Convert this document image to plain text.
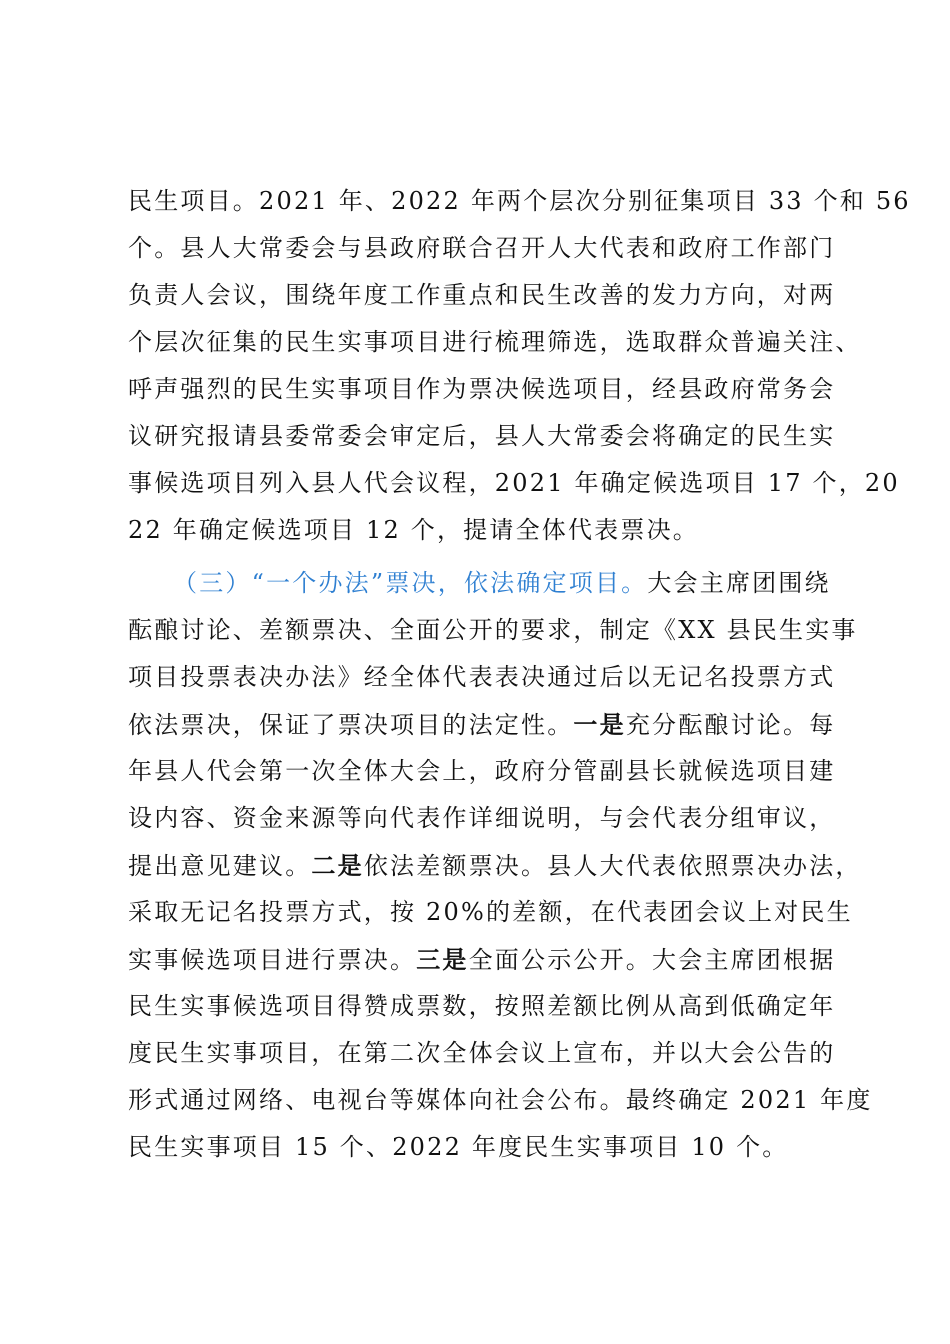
民生项目。2021 年、2022 年两个层次分别征集项目 33 个和 56
个。县人大常委会与县政府联合召开人大代表和政府工作部门
负责人会议，围绕年度工作重点和民生改善的发力方向，对两
个层次征集的民生实事项目进行梳理筛选，选取群众普遍关注、
呼声强烈的民生实事项目作为票决候选项目，经县政府常务会
议研究报请县委常委会审定后，县人大常委会将确定的民生实
事候选项目列入县人代会议程，2021 年确定候选项目 17 个，20
22 年确定候选项目 12 个，提请全体代表票决。
（三）“一个办法”票决，依法确定项目。大会主席团围绕
酝酿讨论、差额票决、全面公开的要求，制定《XX 县民生实事
项目投票表决办法》经全体代表表决通过后以无记名投票方式
依法票决，保证了票决项目的法定性。一是充分酝酿讨论。每
年县人代会第一次全体大会上，政府分管副县长就候选项目建
设内容、资金来源等向代表作详细说明，与会代表分组审议，
提出意见建议。二是依法差额票决。县人大代表依照票决办法，
采取无记名投票方式，按 20%的差额，在代表团会议上对民生
实事候选项目进行票决。三是全面公示公开。大会主席团根据
民生实事候选项目得赞成票数，按照差额比例从高到低确定年
度民生实事项目，在第二次全体会议上宣布，并以大会公告的
形式通过网络、电视台等媒体向社会公布。最终确定 2021 年度
民生实事项目 15 个、2022 年度民生实事项目 10 个。
